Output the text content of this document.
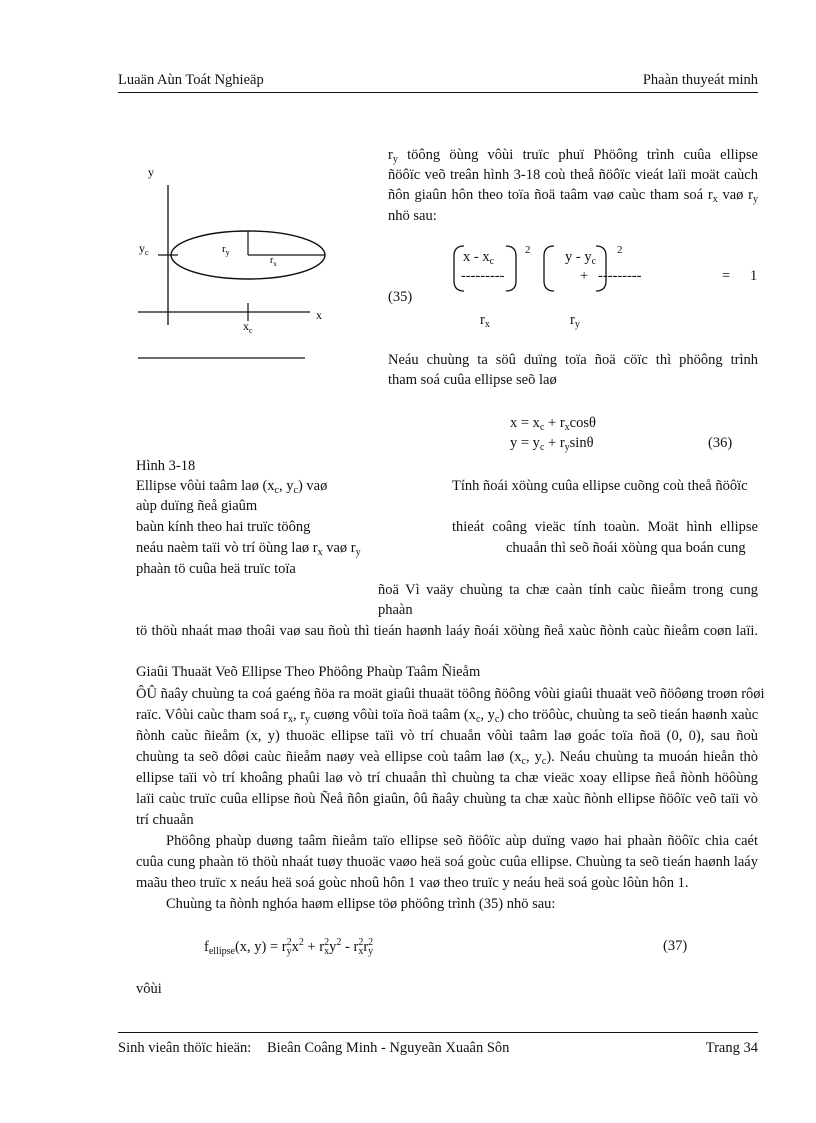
Luaän Aùn Toát Nghieäp	Phaàn thuyeát minh
y
x
$y_c$
$x_c$
$r_y$
$r_x$
$r_y$ töông öùng vôùi truïc phuï Phöông trình cuûa ellipse
ñöôïc veõ treân hình 3-18 coù theå ñöôïc vieát laïi moät caùch
ñôn giaûn hôn theo toïa ñoä taâm vaø caùc tham soá $r_x$ vaø $r_y$
nhö sau:
x - $x_c$
2 y - $y_c$
2
---------	+ ---------	= 1
(35)
$r_x$	$r_y$
Neáu chuùng ta söû duïng toïa ñoä cöïc thì phöông trình
tham soá cuûa ellipse seõ laø
$x = x_c + r_x\cos\theta$
$y = y_c + r_y\sin\theta$	(36)
Hình 3-18
Ellipse vôùi taâm laø ($x_c$, $y_c$) vaø
aùp duïng ñeå giaûm
baùn kính theo hai truïc töông
neáu naèm taïi vò trí öùng laø $r_x$ vaø $r_y$
phaàn tö cuûa heä truïc toïa
Tính ñoái xöùng cuûa ellipse cuõng coù theå ñöôïc
thieát coâng vieäc tính toaùn. Moät hình ellipse
chuaån thì seõ ñoái xöùng qua boán cung
ñoä Vì vaäy chuùng ta chæ caàn tính caùc ñieåm trong cung
phaàn
tö thöù nhaát maø thoâi vaø sau ñoù thì tieán haønh laáy ñoái xöùng ñeå xaùc ñònh caùc ñieåm coøn laïi.
Giaûi Thuaät Veõ Ellipse Theo Phöông Phaùp Taâm Ñieåm
ÔÛ ñaây chuùng ta coá gaéng ñöa ra moät giaûi thuaät töông ñöông vôùi giaûi thuaät veõ ñöôøng troøn rôøi
raïc. Vôùi caùc tham soá $r_x$, $r_y$ cuøng vôùi toïa ñoä taâm ($x_c$, $y_c$) cho tröôùc, chuùng ta seõ tieán haønh xaùc
ñònh caùc ñieåm (x, y) thuoäc ellipse taïi vò trí chuaån vôùi taâm laø goác toïa ñoä (0, 0), sau ñoù
chuùng ta seõ dôøi caùc ñieåm naøy veà ellipse coù taâm laø ($x_c$, $y_c$). Neáu chuùng ta muoán hieån thò
ellipse taïi vò trí khoâng phaûi laø vò trí chuaån thì chuùng ta chæ vieäc xoay ellipse ñeå ñònh höôùng
laïi caùc truïc cuûa ellipse ñoù Ñeå ñôn giaûn, ôû ñaây chuùng ta chæ xaùc ñònh ellipse ñöôïc veõ taïi vò
trí chuaån
Phöông phaùp duøng taâm ñieåm taïo ellipse seõ ñöôïc aùp duïng vaøo hai phaàn ñöôïc chia caét
cuûa cung phaàn tö thöù nhaát tuøy thuoäc vaøo heä soá goùc cuûa ellipse. Chuùng ta seõ tieán haønh laáy
maãu theo truïc x neáu heä soá goùc nhoû hôn 1 vaø theo truïc y neáu heä soá goùc lôùn hôn 1.
Chuùng ta ñònh nghóa haøm ellipse töø phöông trình (35) nhö sau:
$f_{ellipse}(x$, $y) = r^2_yx^2 + r^2_xy^2 - r^2_xr^2_y$	(37)
vôùi
Sinh vieân thöïc hieän: Bieân Coâng Minh - Nguyeãn Xuaân Sôn	Trang 34
